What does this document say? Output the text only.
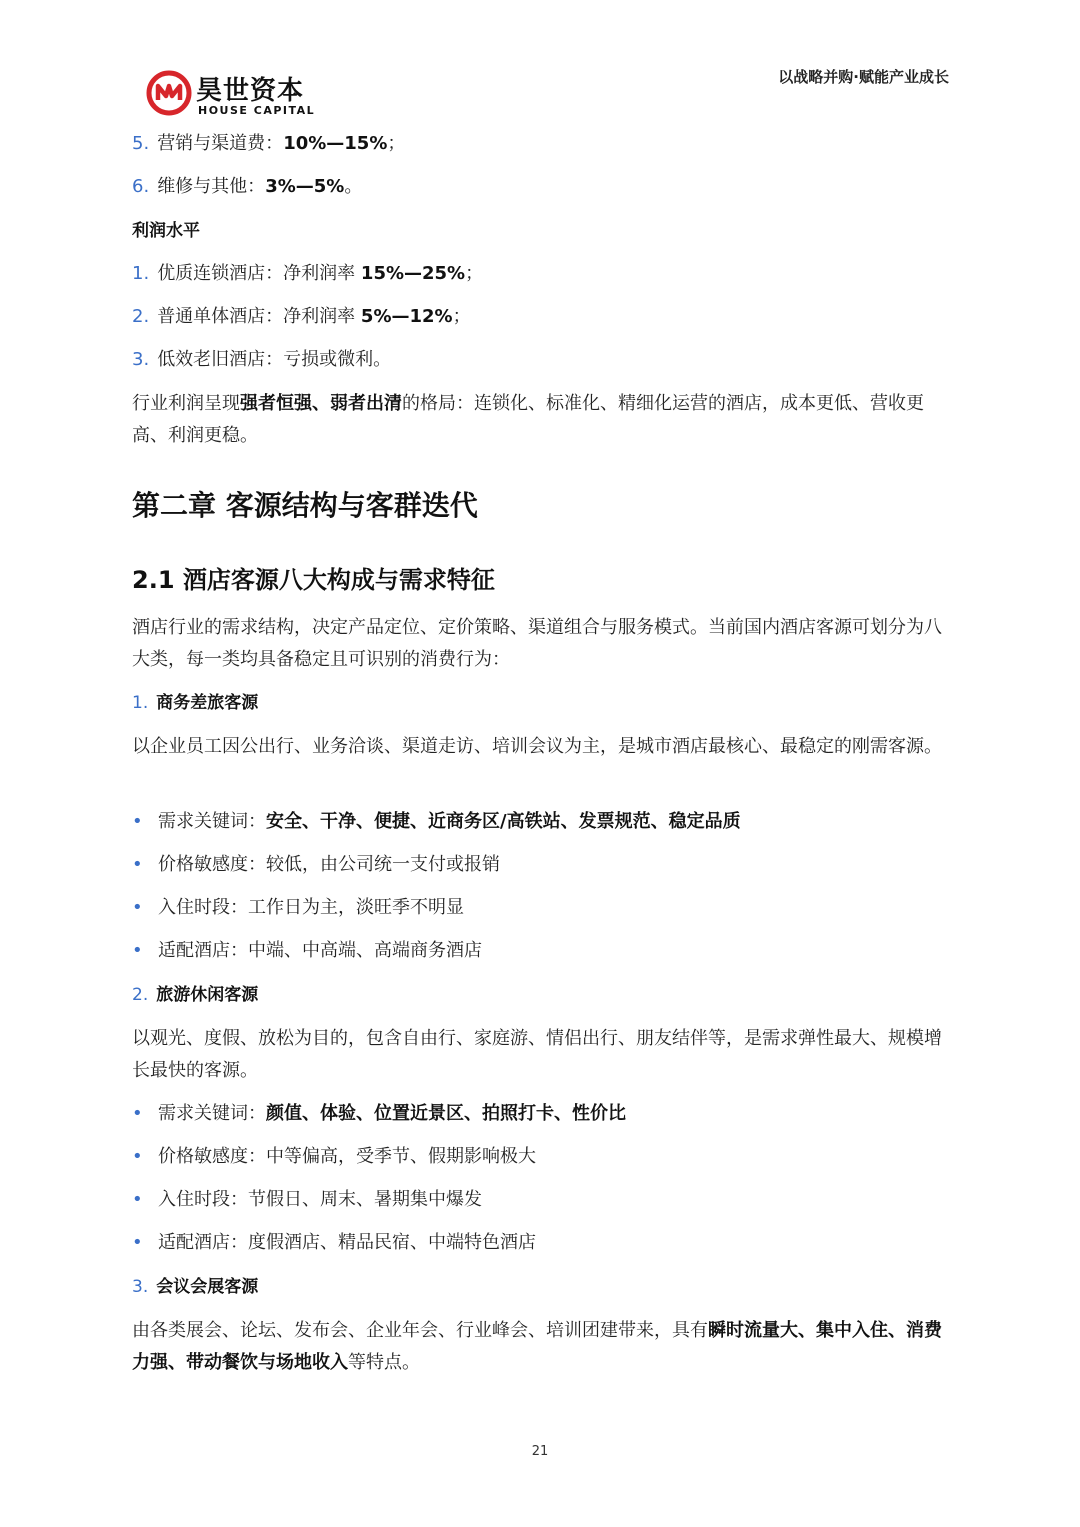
昊世资本
HOUSE CAPITAL
以战略并购·赋能产业成长
5. 营销与渠道费：10%—15%；
6. 维修与其他：3%—5%。
利润水平
1. 优质连锁酒店：净利润率 15%—25%；
2. 普通单体酒店：净利润率 5%—12%；
3. 低效老旧酒店：亏损或微利。
行业利润呈现强者恒强、弱者出清的格局：连锁化、标准化、精细化运营的酒店，成本更低、营收更高、利润更稳。
第二章 客源结构与客群迭代
2.1 酒店客源八大构成与需求特征
酒店行业的需求结构，决定产品定位、定价策略、渠道组合与服务模式。当前国内酒店客源可划分为八大类，每一类均具备稳定且可识别的消费行为：
1. 商务差旅客源
以企业员工因公出行、业务洽谈、渠道走访、培训会议为主，是城市酒店最核心、最稳定的刚需客源。
• 需求关键词：安全、干净、便捷、近商务区/高铁站、发票规范、稳定品质
• 价格敏感度：较低，由公司统一支付或报销
• 入住时段：工作日为主，淡旺季不明显
• 适配酒店：中端、中高端、高端商务酒店
2. 旅游休闲客源
以观光、度假、放松为目的，包含自由行、家庭游、情侣出行、朋友结伴等，是需求弹性最大、规模增长最快的客源。
• 需求关键词：颜值、体验、位置近景区、拍照打卡、性价比
• 价格敏感度：中等偏高，受季节、假期影响极大
• 入住时段：节假日、周末、暑期集中爆发
• 适配酒店：度假酒店、精品民宿、中端特色酒店
3. 会议会展客源
由各类展会、论坛、发布会、企业年会、行业峰会、培训团建带来，具有瞬时流量大、集中入住、消费力强、带动餐饮与场地收入等特点。
21
